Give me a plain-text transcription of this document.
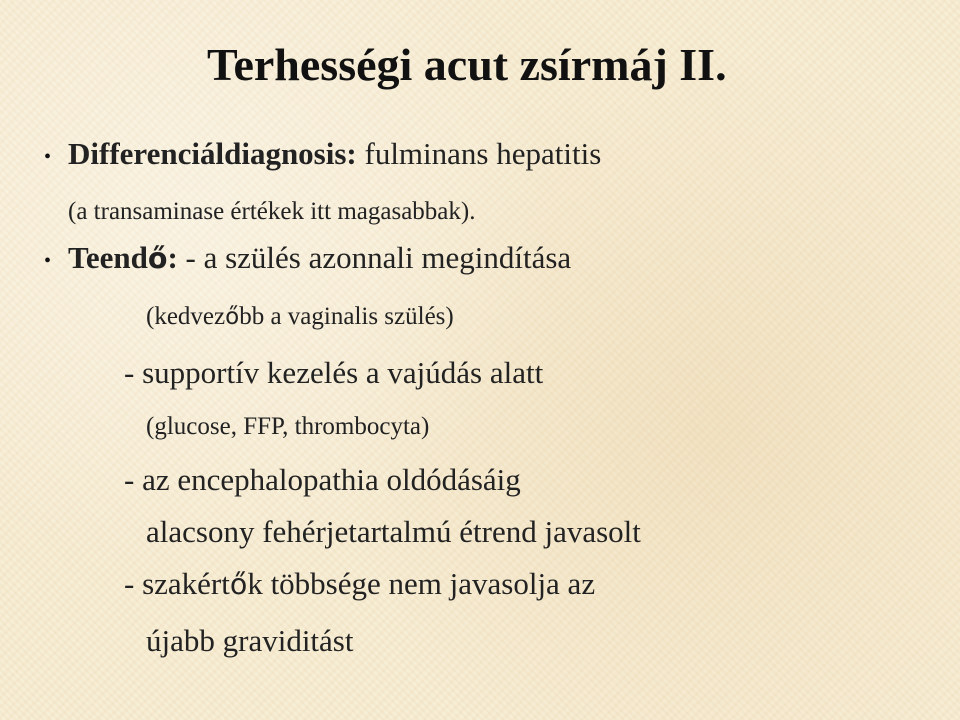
Terhességi acut zsírmáj II.
• Differenciáldiagnosis: fulminans hepatitis

(a transaminase értékek itt magasabbak).

• Teendő: - a szülés azonnali megindítása

(kedvezőbb a vaginalis szülés)

- supportív kezelés a vajúdás alatt

(glucose, FFP, thrombocyta)

- az encephalopathia oldódásáig

alacsony fehérjetartalmú étrend javasolt

- szakértők többsége nem javasolja az

újabb graviditást
